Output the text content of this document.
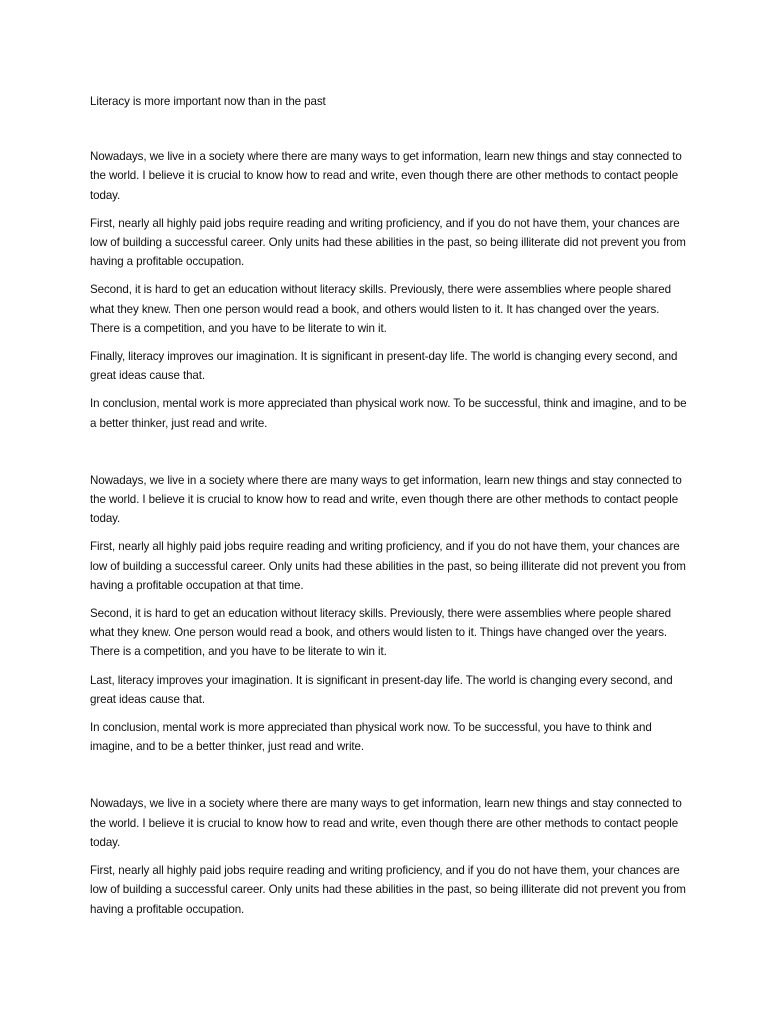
Literacy is more important now than in the past

Nowadays, we live in a society where there are many ways to get information, learn new things and stay connected to the world. I believe it is crucial to know how to read and write, even though there are other methods to contact people today.

First, nearly all highly paid jobs require reading and writing proficiency, and if you do not have them, your chances are low of building a successful career. Only units had these abilities in the past, so being illiterate did not prevent you from having a profitable occupation.

Second, it is hard to get an education without literacy skills. Previously, there were assemblies where people shared what they knew. Then one person would read a book, and others would listen to it. It has changed over the years. There is a competition, and you have to be literate to win it.

Finally, literacy improves our imagination. It is significant in present-day life. The world is changing every second, and great ideas cause that.

In conclusion, mental work is more appreciated than physical work now. To be successful, think and imagine, and to be a better thinker, just read and write.

Nowadays, we live in a society where there are many ways to get information, learn new things and stay connected to the world. I believe it is crucial to know how to read and write, even though there are other methods to contact people today.

First, nearly all highly paid jobs require reading and writing proficiency, and if you do not have them, your chances are low of building a successful career. Only units had these abilities in the past, so being illiterate did not prevent you from having a profitable occupation at that time.

Second, it is hard to get an education without literacy skills. Previously, there were assemblies where people shared what they knew. One person would read a book, and others would listen to it. Things have changed over the years. There is a competition, and you have to be literate to win it.

Last, literacy improves your imagination. It is significant in present-day life. The world is changing every second, and great ideas cause that.

In conclusion, mental work is more appreciated than physical work now. To be successful, you have to think and imagine, and to be a better thinker, just read and write.

Nowadays, we live in a society where there are many ways to get information, learn new things and stay connected to the world. I believe it is crucial to know how to read and write, even though there are other methods to contact people today.

First, nearly all highly paid jobs require reading and writing proficiency, and if you do not have them, your chances are low of building a successful career. Only units had these abilities in the past, so being illiterate did not prevent you from having a profitable occupation.
